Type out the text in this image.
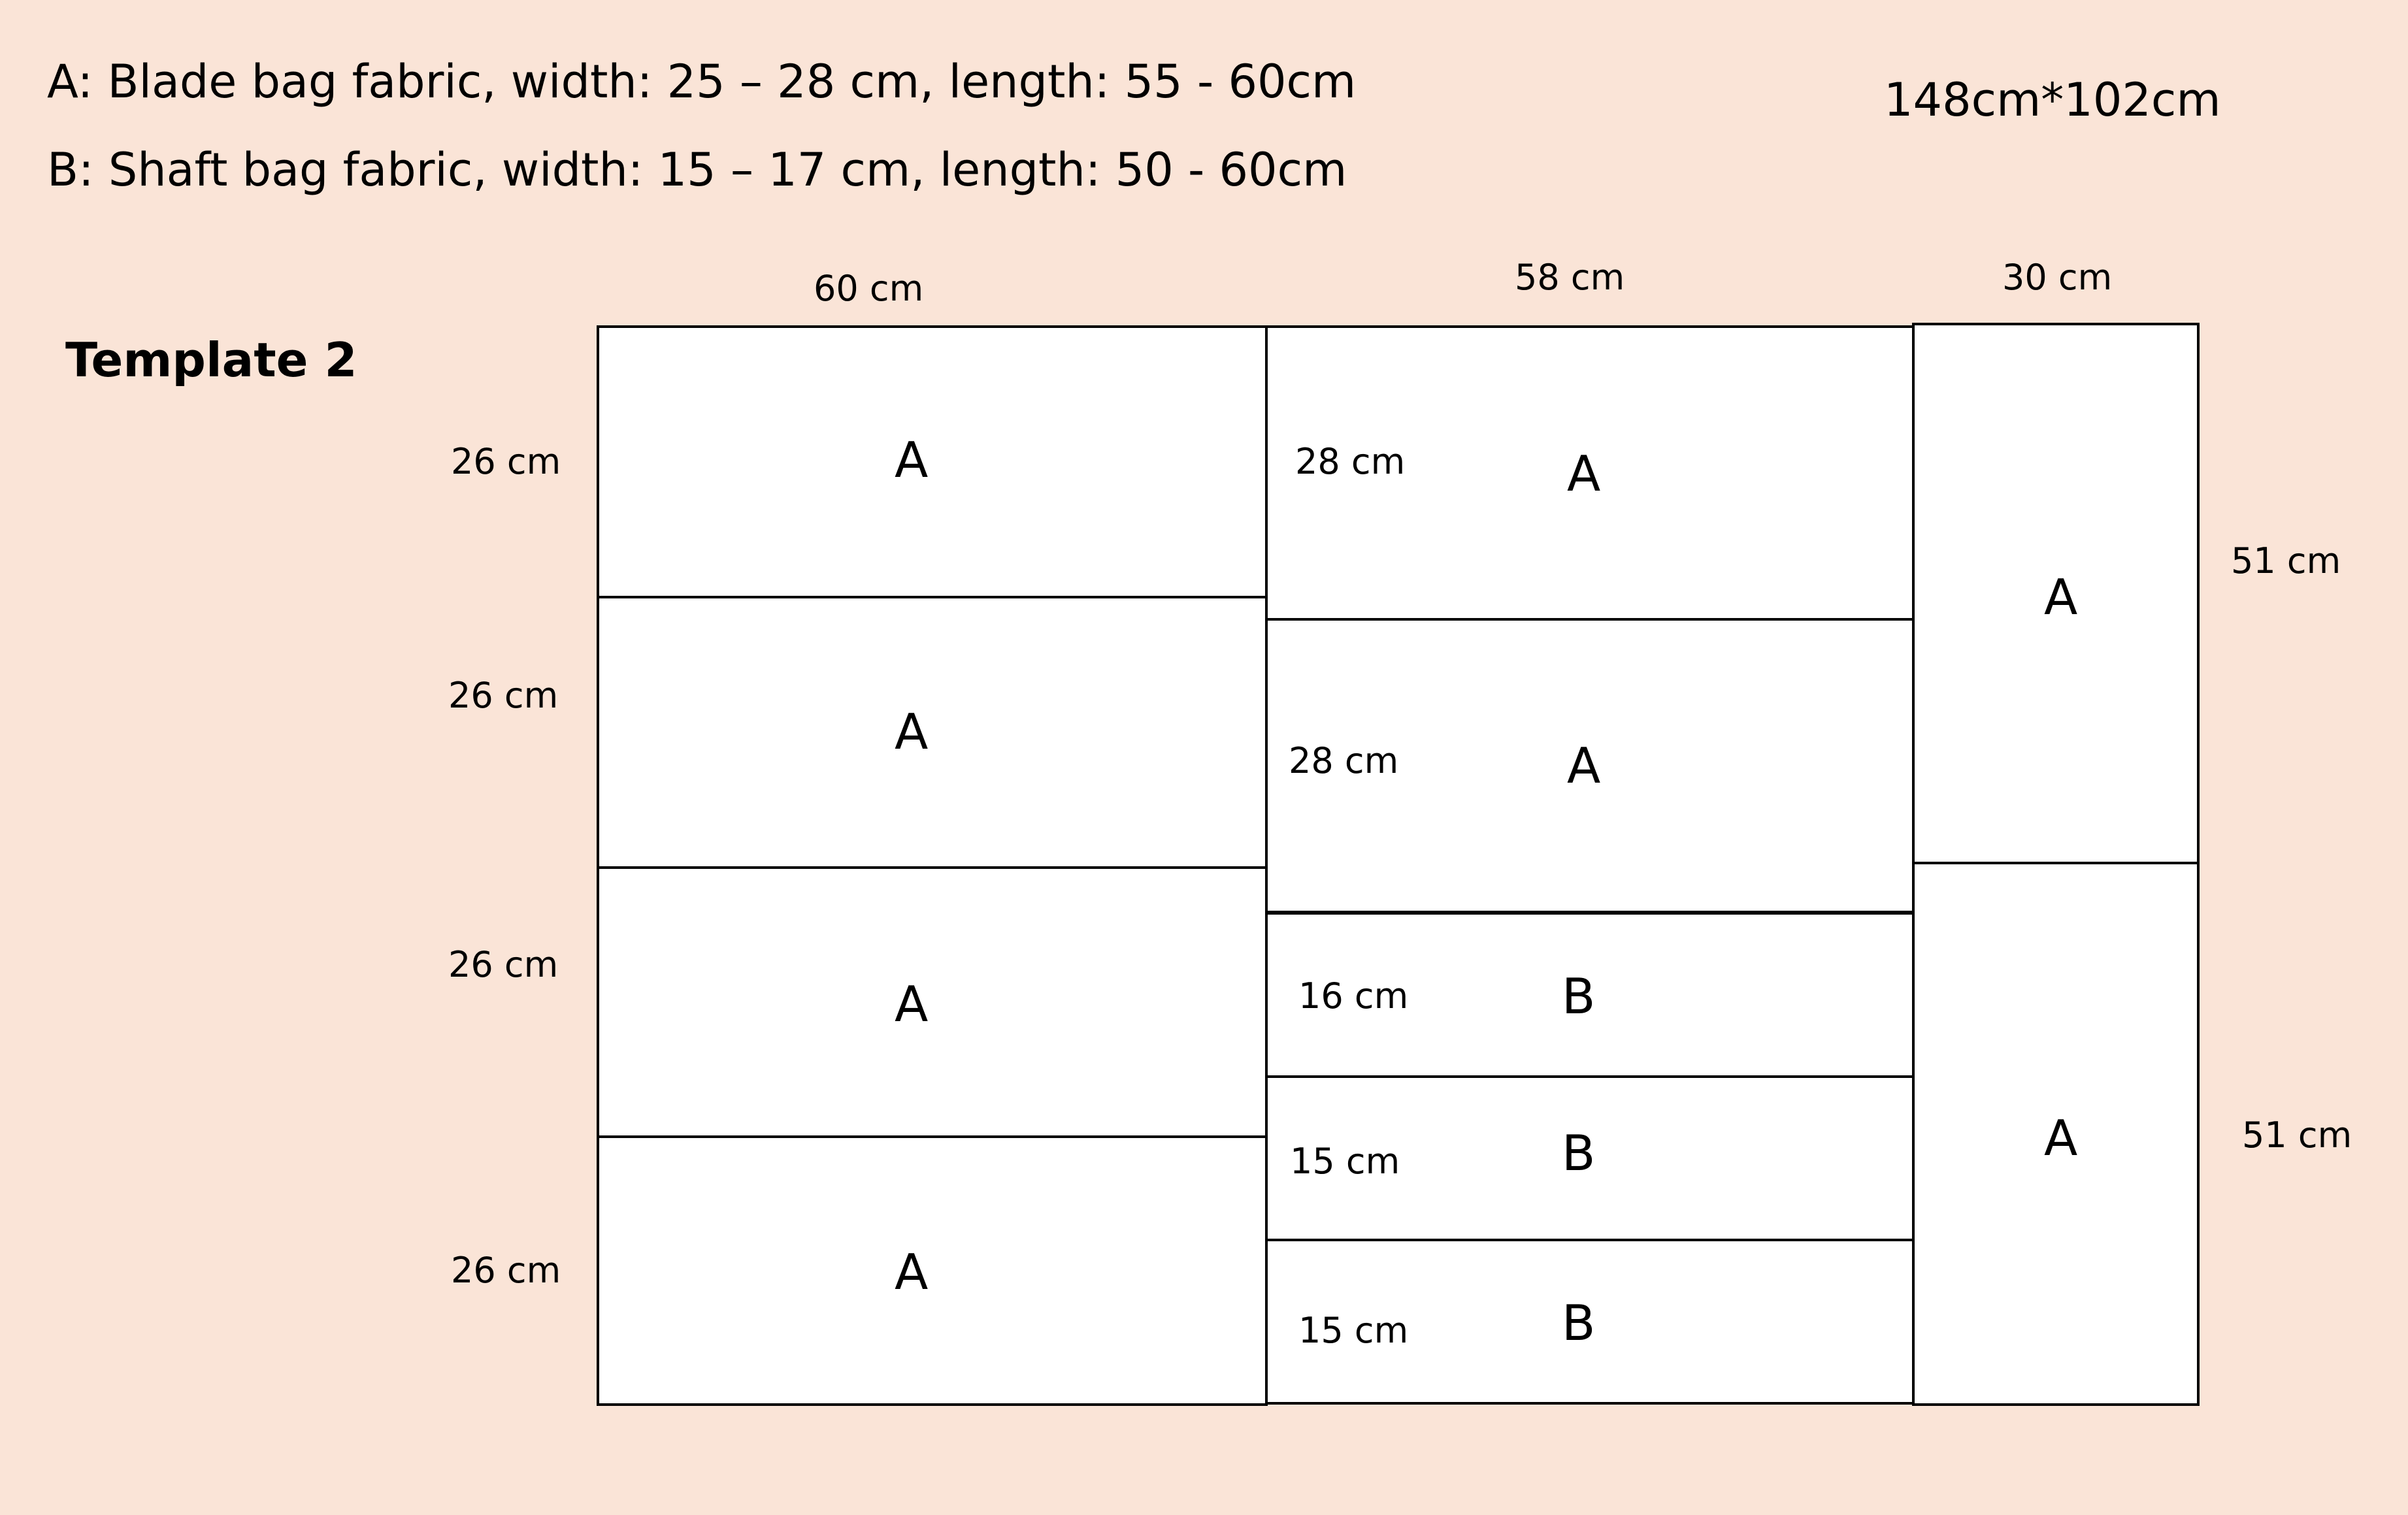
A: Blade bag fabric, width: 25 – 28 cm, length: 55 - 60cm
B: Shaft bag fabric, width: 15 – 17 cm, length: 50 - 60cm
148cm*102cm
Template 2
60 cm	58 cm	30 cm
A
A
A
A
26 cm
26 cm
26 cm
26 cm
A
A
B
B
B
28 cm
28 cm
16 cm
15 cm
15 cm
A
A
51 cm
51 cm
